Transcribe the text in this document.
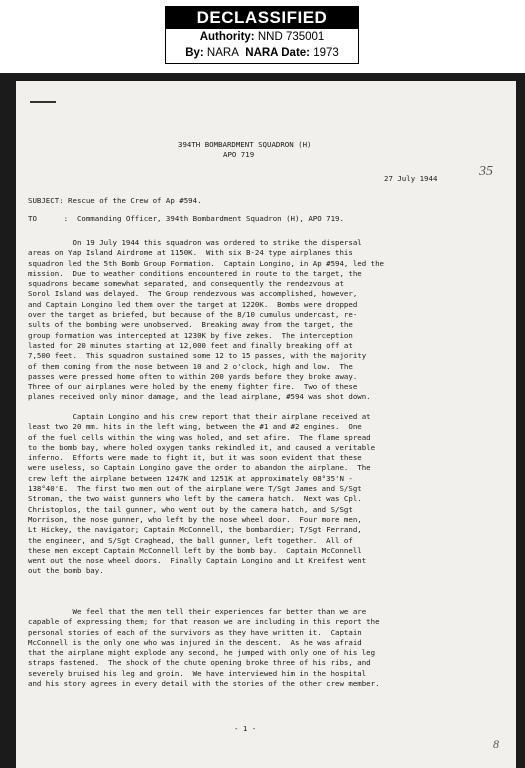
DECLASSIFIED
Authority: NND 735001
By: NARA NARA Date: 1973
394TH BOMBARDMENT SQUADRON (H)
APO 719
27 July 1944	35
SUBJECT: Rescue of the Crew of Ap #594.
TO      :  Commanding Officer, 394th Bombardment Squadron (H), APO 719.
On 19 July 1944 this squadron was ordered to strike the dispersal
areas on Yap Island Airdrome at 1150K.  With six B-24 type airplanes this
squadron led the 5th Bomb Group Formation.  Captain Longino, in Ap #594, led the
mission.  Due to weather conditions encountered in route to the target, the
squadrons became somewhat separated, and consequently the rendezvous at
Sorol Island was delayed.  The Group rendezvous was accomplished, however,
and Captain Longino led them over the target at 1220K.  Bombs were dropped
over the target as briefed, but because of the 8/10 cumulus undercast, re-
sults of the bombing were unobserved.  Breaking away from the target, the
group formation was intercepted at 1230K by five zekes.  The interception
lasted for 20 minutes starting at 12,000 feet and finally breaking off at
7,500 feet.  This squadron sustained some 12 to 15 passes, with the majority
of them coming from the nose between 10 and 2 o'clock, high and low.  The
passes were pressed home often to within 200 yards before they broke away.
Three of our airplanes were holed by the enemy fighter fire.  Two of these
planes received only minor damage, and the lead airplane, #594 was shot down.
Captain Longino and his crew report that their airplane received at
least two 20 mm. hits in the left wing, between the #1 and #2 engines.  One
of the fuel cells within the wing was holed, and set afire.  The flame spread
to the bomb bay, where holed oxygen tanks rekindled it, and caused a veritable
inferno.  Efforts were made to fight it, but it was soon evident that these
were useless, so Captain Longino gave the order to abandon the airplane.  The
crew left the airplane between 1247K and 1251K at approximately 08°35'N -
138°40'E.  The first two men out of the airplane were T/Sgt James and S/Sgt
Stroman, the two waist gunners who left by the camera hatch.  Next was Cpl.
Christoplos, the tail gunner, who went out by the camera hatch, and S/Sgt
Morrison, the nose gunner, who left by the nose wheel door.  Four more men,
Lt Hickey, the navigator; Captain McConnell, the bombardier; T/Sgt Ferrand,
the engineer, and S/Sgt Craghead, the ball gunner, left together.  All of
these men except Captain McConnell left by the bomb bay.  Captain McConnell
went out the nose wheel doors.  Finally Captain Longino and Lt Kreifest went
out the bomb bay.
We feel that the men tell their experiences far better than we are
capable of expressing them; for that reason we are including in this report the
personal stories of each of the survivors as they have written it.  Captain
McConnell is the only one who was injured in the descent.  As he was afraid
that the airplane might explode any second, he jumped with only one of his leg
straps fastened.  The shock of the chute opening broke three of his ribs, and
severely bruised his leg and groin.  We have interviewed him in the hospital
and his story agrees in every detail with the stories of the other crew member.
- 1 -
8
